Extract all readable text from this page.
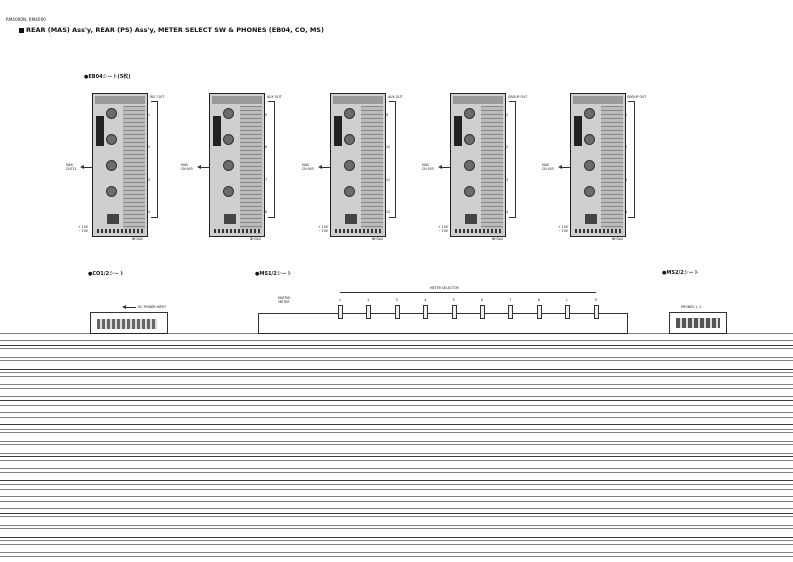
RM4000N, RM4000
REAR (MAS) Ass'y, REAR (PS) Ass'y, METER SELECT SW & PHONES (EB04, CO, MS)
●EB04シート(5枚)
REC OUT
1
2
3
4
MAS
CN711
+ 15V
− 15V
BH3A4
AUX OUT
5
6
7
8
MAS
CN 903
BH3A4
AUX OUT
9
10
11
12
MAS
CN 903
+ 15V
− 15V
BH3A4
GROUP OUT
1
2
3
4
MAS
CN 503
+ 15V
− 15V
BH3A4
GROUP OUT
1
2
3
4
MAS
CN 403
+ 15V
− 15V
BH3A4
●CO1/2シート	●MS1/2シート	●MS2/2シート
DC POWER INPUT
METER SELECTOR
MATRIX
METER	1	2	3	4	5	6	7	8	L	R
PHONES 1, 2
